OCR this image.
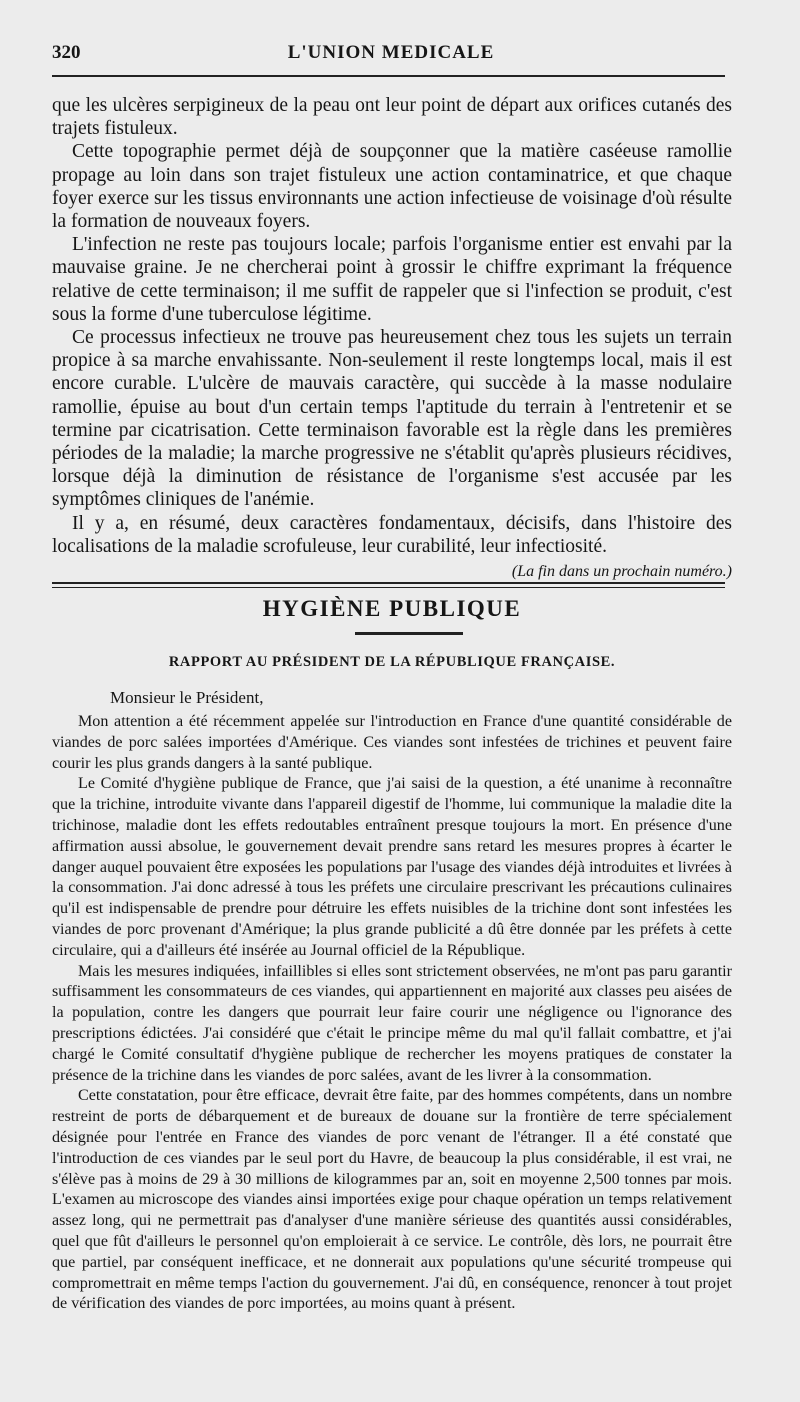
320	L'UNION MEDICALE

que les ulcères serpigineux de la peau ont leur point de départ aux orifices cutanés des trajets fistuleux.

Cette topographie permet déjà de soupçonner que la matière caséeuse ramollie propage au loin dans son trajet fistuleux une action contaminatrice, et que chaque foyer exerce sur les tissus environnants une action infectieuse de voisinage d'où résulte la formation de nouveaux foyers.

L'infection ne reste pas toujours locale; parfois l'organisme entier est envahi par la mauvaise graine. Je ne chercherai point à grossir le chiffre exprimant la fréquence relative de cette terminaison; il me suffit de rappeler que si l'infection se produit, c'est sous la forme d'une tuberculose légitime.

Ce processus infectieux ne trouve pas heureusement chez tous les sujets un terrain propice à sa marche envahissante. Non-seulement il reste longtemps local, mais il est encore curable. L'ulcère de mauvais caractère, qui succède à la masse nodulaire ramollie, épuise au bout d'un certain temps l'aptitude du terrain à l'entretenir et se termine par cicatrisation. Cette terminaison favorable est la règle dans les premières périodes de la maladie; la marche progressive ne s'établit qu'après plusieurs récidives, lorsque déjà la diminution de résistance de l'organisme s'est accusée par les symptômes cliniques de l'anémie.

Il y a, en résumé, deux caractères fondamentaux, décisifs, dans l'histoire des localisations de la maladie scrofuleuse, leur curabilité, leur infectiosité.

(La fin dans un prochain numéro.)

HYGIÈNE PUBLIQUE
RAPPORT AU PRÉSIDENT DE LA RÉPUBLIQUE FRANÇAISE.
Monsieur le Président,

Mon attention a été récemment appelée sur l'introduction en France d'une quantité considérable de viandes de porc salées importées d'Amérique. Ces viandes sont infestées de trichines et peuvent faire courir les plus grands dangers à la santé publique.

Le Comité d'hygiène publique de France, que j'ai saisi de la question, a été unanime à reconnaître que la trichine, introduite vivante dans l'appareil digestif de l'homme, lui communique la maladie dite la trichinose, maladie dont les effets redoutables entraînent presque toujours la mort. En présence d'une affirmation aussi absolue, le gouvernement devait prendre sans retard les mesures propres à écarter le danger auquel pouvaient être exposées les populations par l'usage des viandes déjà introduites et livrées à la consommation. J'ai donc adressé à tous les préfets une circulaire prescrivant les précautions culinaires qu'il est indispensable de prendre pour détruire les effets nuisibles de la trichine dont sont infestées les viandes de porc provenant d'Amérique; la plus grande publicité a dû être donnée par les préfets à cette circulaire, qui a d'ailleurs été insérée au Journal officiel de la République.

Mais les mesures indiquées, infaillibles si elles sont strictement observées, ne m'ont pas paru garantir suffisamment les consommateurs de ces viandes, qui appartiennent en majorité aux classes peu aisées de la population, contre les dangers que pourrait leur faire courir une négligence ou l'ignorance des prescriptions édictées. J'ai considéré que c'était le principe même du mal qu'il fallait combattre, et j'ai chargé le Comité consultatif d'hygiène publique de rechercher les moyens pratiques de constater la présence de la trichine dans les viandes de porc salées, avant de les livrer à la consommation.

Cette constatation, pour être efficace, devrait être faite, par des hommes compétents, dans un nombre restreint de ports de débarquement et de bureaux de douane sur la frontière de terre spécialement désignée pour l'entrée en France des viandes de porc venant de l'étranger. Il a été constaté que l'introduction de ces viandes par le seul port du Havre, de beaucoup la plus considérable, il est vrai, ne s'élève pas à moins de 29 à 30 millions de kilogrammes par an, soit en moyenne 2,500 tonnes par mois. L'examen au microscope des viandes ainsi importées exige pour chaque opération un temps relativement assez long, qui ne permettrait pas d'analyser d'une manière sérieuse des quantités aussi considérables, quel que fût d'ailleurs le personnel qu'on emploierait à ce service. Le contrôle, dès lors, ne pourrait être que partiel, par conséquent inefficace, et ne donnerait aux populations qu'une sécurité trompeuse qui compromettrait en même temps l'action du gouvernement. J'ai dû, en conséquence, renoncer à tout projet de vérification des viandes de porc importées, au moins quant à présent.
